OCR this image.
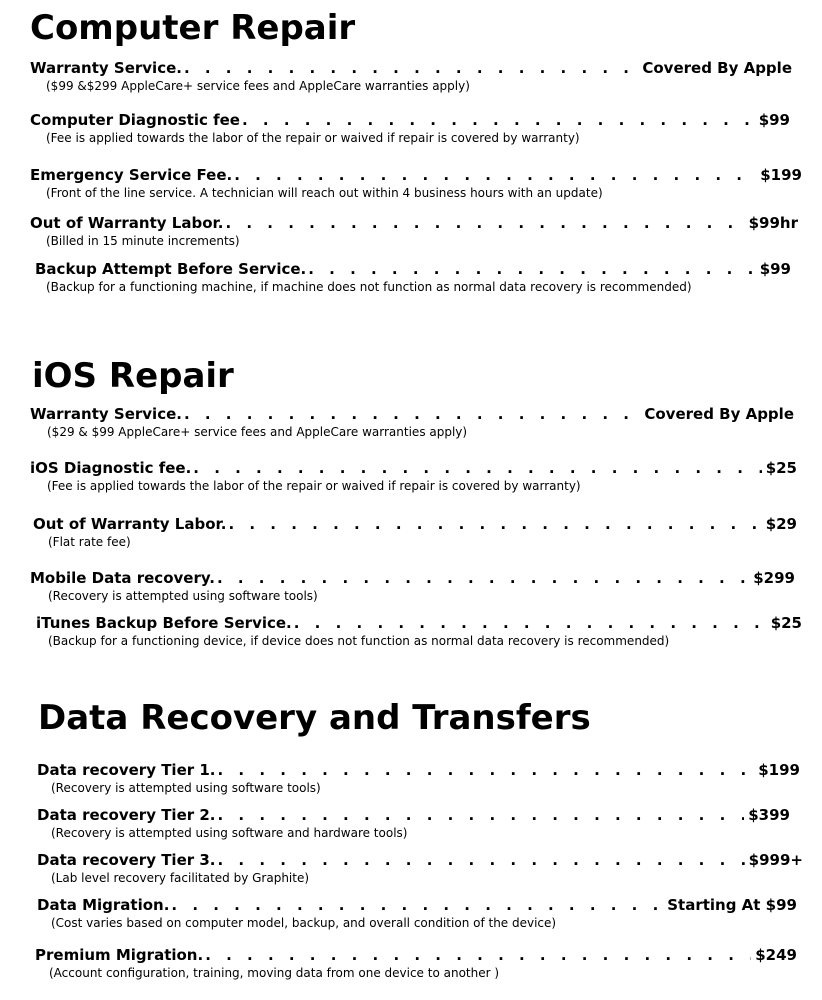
Computer Repair
Warranty Service. . . .	Covered By Apple
($99 &$299 AppleCare+ service fees and AppleCare warranties apply)
Computer Diagnostic fee . . .	$99
(Fee is applied towards the labor of the repair or waived if repair is covered by warranty)
Emergency Service Fee. . . .	$199
(Front of the line service. A technician will reach out within 4 business hours with an update)
Out of Warranty Labor. . . .	$99hr
(Billed in 15 minute increments)
Backup Attempt Before Service. . . .	$99
(Backup for a functioning machine, if machine does not function as normal data recovery is recommended)
iOS Repair
Warranty Service. . . .	Covered By Apple
($29 & $99 AppleCare+ service fees and AppleCare warranties apply)
iOS Diagnostic fee. . . .	$25
(Fee is applied towards the labor of the repair or waived if repair is covered by warranty)
Out of Warranty Labor. . . .	$29
(Flat rate fee)
Mobile Data recovery. . . .	$299
(Recovery is attempted using software tools)
iTunes Backup Before Service. . . .	$25
(Backup for a functioning device, if device does not function as normal data recovery is recommended)
Data Recovery and Transfers
Data recovery Tier 1. . . .	$199
(Recovery is attempted using software tools)
Data recovery Tier 2. . . .	$399
(Recovery is attempted using software and hardware tools)
Data recovery Tier 3. . . .	$999+
(Lab level recovery facilitated by Graphite)
Data Migration. . . .	Starting At $99
(Cost varies based on computer model, backup, and overall condition of the device)
Premium Migration. . . .	$249
(Account configuration, training, moving data from one device to another )
